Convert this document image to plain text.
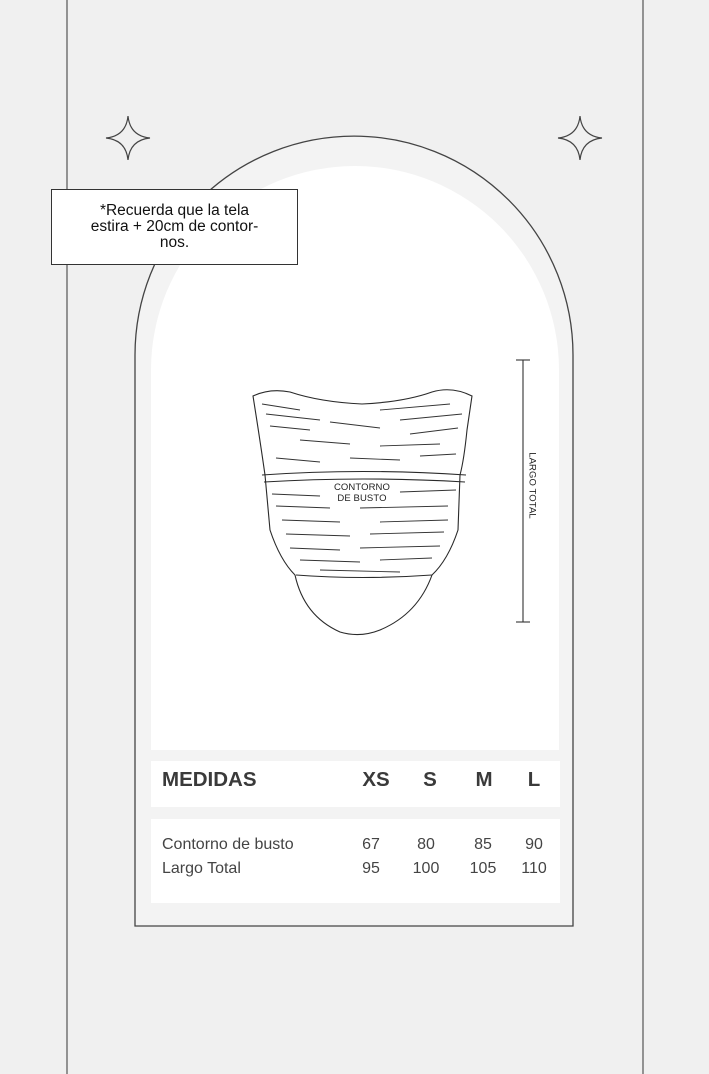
*Recuerda que la tela
estira + 20cm de contor-
nos.
CONTORNO
DE BUSTO	LARGO TOTAL
MEDIDAS	XS	S	M	L
Contorno de busto	67	80	85	90
Largo Total	95	100	105	110
